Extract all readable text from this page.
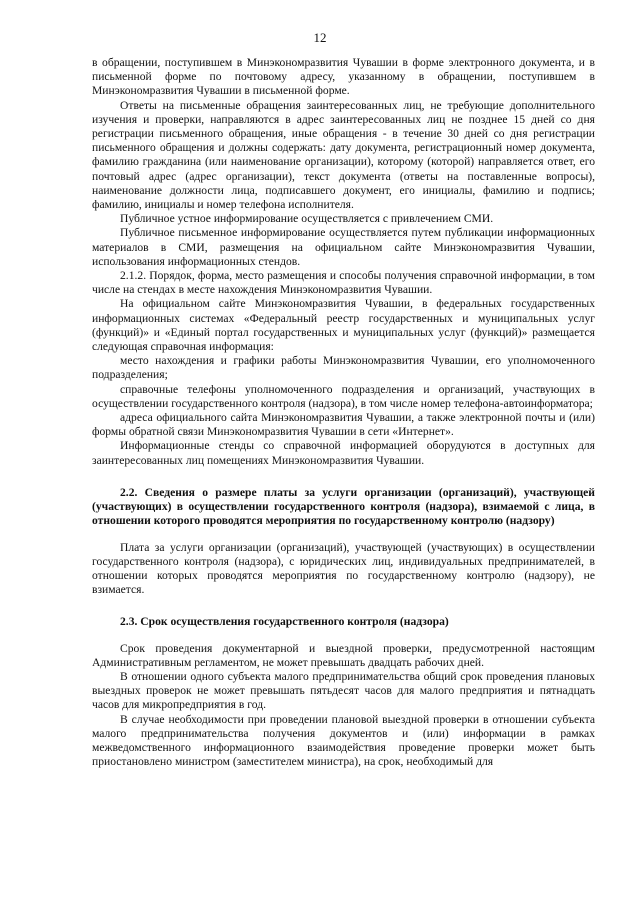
12

в обращении, поступившем в Минэкономразвития Чувашии в форме электронного документа, и в письменной форме по почтовому адресу, указанному в обращении, поступившем в Минэкономразвития Чувашии в письменной форме.

Ответы на письменные обращения заинтересованных лиц, не требующие дополнительного изучения и проверки, направляются в адрес заинтересованных лиц не позднее 15 дней со дня регистрации письменного обращения, иные обращения - в течение 30 дней со дня регистрации письменного обращения и должны содержать: дату документа, регистрационный номер документа, фамилию гражданина (или наименование организации), которому (которой) направляется ответ, его почтовый адрес (адрес организации), текст документа (ответы на поставленные вопросы), наименование должности лица, подписавшего документ, его инициалы, фамилию и подпись; фамилию, инициалы и номер телефона исполнителя.

Публичное устное информирование осуществляется с привлечением СМИ.

Публичное письменное информирование осуществляется путем публикации информационных материалов в СМИ, размещения на официальном сайте Минэкономразвития Чувашии, использования информационных стендов.

2.1.2. Порядок, форма, место размещения и способы получения справочной информации, в том числе на стендах в месте нахождения Минэкономразвития Чувашии.

На официальном сайте Минэкономразвития Чувашии, в федеральных государственных информационных системах «Федеральный реестр государственных и муниципальных услуг (функций)» и «Единый портал государственных и муниципальных услуг (функций)» размещается следующая справочная информация:

место нахождения и графики работы Минэкономразвития Чувашии, его уполномоченного подразделения;

справочные телефоны уполномоченного подразделения и организаций, участвующих в осуществлении государственного контроля (надзора), в том числе номер телефона-автоинформатора;

адреса официального сайта Минэкономразвития Чувашии, а также электронной почты и (или) формы обратной связи Минэкономразвития Чувашии в сети «Интернет».

Информационные стенды со справочной информацией оборудуются в доступных для заинтересованных лиц помещениях Минэкономразвития Чувашии.

2.2. Сведения о размере платы за услуги организации (организаций), участвующей (участвующих) в осуществлении государственного контроля (надзора), взимаемой с лица, в отношении которого проводятся мероприятия по государственному контролю (надзору)

Плата за услуги организации (организаций), участвующей (участвующих) в осуществлении государственного контроля (надзора), с юридических лиц, индивидуальных предпринимателей, в отношении которых проводятся мероприятия по государственному контролю (надзору), не взимается.

2.3. Срок осуществления государственного контроля (надзора)

Срок проведения документарной и выездной проверки, предусмотренной настоящим Административным регламентом, не может превышать двадцать рабочих дней.

В отношении одного субъекта малого предпринимательства общий срок проведения плановых выездных проверок не может превышать пятьдесят часов для малого предприятия и пятнадцать часов для микропредприятия в год.

В случае необходимости при проведении плановой выездной проверки в отношении субъекта малого предпринимательства получения документов и (или) информации в рамках межведомственного информационного взаимодействия проведение проверки может быть приостановлено министром (заместителем министра), на срок, необходимый для
